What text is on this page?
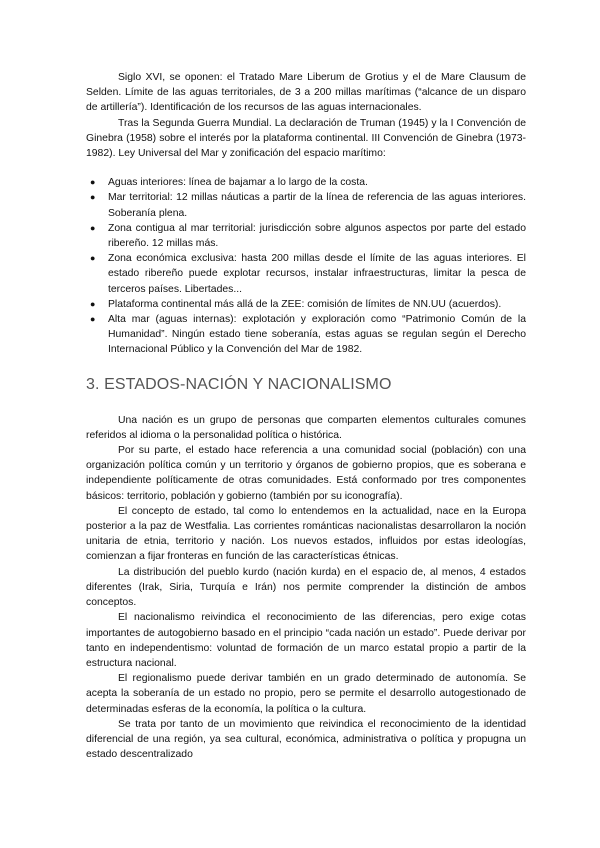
Siglo XVI, se oponen: el Tratado Mare Liberum de Grotius y el de Mare Clausum de Selden. Límite de las aguas territoriales, de 3 a 200 millas marítimas (“alcance de un disparo de artillería”). Identificación de los recursos de las aguas internacionales.

Tras la Segunda Guerra Mundial. La declaración de Truman (1945) y la I Convención de Ginebra (1958) sobre el interés por la plataforma continental. III Convención de Ginebra (1973-1982). Ley Universal del Mar y zonificación del espacio marítimo:

● Aguas interiores: línea de bajamar a lo largo de la costa.
● Mar territorial: 12 millas náuticas a partir de la línea de referencia de las aguas interiores. Soberanía plena.
● Zona contigua al mar territorial: jurisdicción sobre algunos aspectos por parte del estado ribereño. 12 millas más.
● Zona económica exclusiva: hasta 200 millas desde el límite de las aguas interiores. El estado ribereño puede explotar recursos, instalar infraestructuras, limitar la pesca de terceros países. Libertades...
● Plataforma continental más allá de la ZEE: comisión de límites de NN.UU (acuerdos).
● Alta mar (aguas internas): explotación y exploración como “Patrimonio Común de la Humanidad”. Ningún estado tiene soberanía, estas aguas se regulan según el Derecho Internacional Público y la Convención del Mar de 1982.
3. ESTADOS-NACIÓN Y NACIONALISMO

Una nación es un grupo de personas que comparten elementos culturales comunes referidos al idioma o la personalidad política o histórica.

Por su parte, el estado hace referencia a una comunidad social (población) con una organización política común y un territorio y órganos de gobierno propios, que es soberana e independiente políticamente de otras comunidades. Está conformado por tres componentes básicos: territorio, población y gobierno (también por su iconografía).

El concepto de estado, tal como lo entendemos en la actualidad, nace en la Europa posterior a la paz de Westfalia. Las corrientes románticas nacionalistas desarrollaron la noción unitaria de etnia, territorio y nación. Los nuevos estados, influidos por estas ideologías, comienzan a fijar fronteras en función de las características étnicas.

La distribución del pueblo kurdo (nación kurda) en el espacio de, al menos, 4 estados diferentes (Irak, Siria, Turquía e Irán) nos permite comprender la distinción de ambos conceptos.

El nacionalismo reivindica el reconocimiento de las diferencias, pero exige cotas importantes de autogobierno basado en el principio “cada nación un estado”. Puede derivar por tanto en independentismo: voluntad de formación de un marco estatal propio a partir de la estructura nacional.

El regionalismo puede derivar también en un grado determinado de autonomía. Se acepta la soberanía de un estado no propio, pero se permite el desarrollo autogestionado de determinadas esferas de la economía, la política o la cultura.

Se trata por tanto de un movimiento que reivindica el reconocimiento de la identidad diferencial de una región, ya sea cultural, económica, administrativa o política y propugna un estado descentralizado
